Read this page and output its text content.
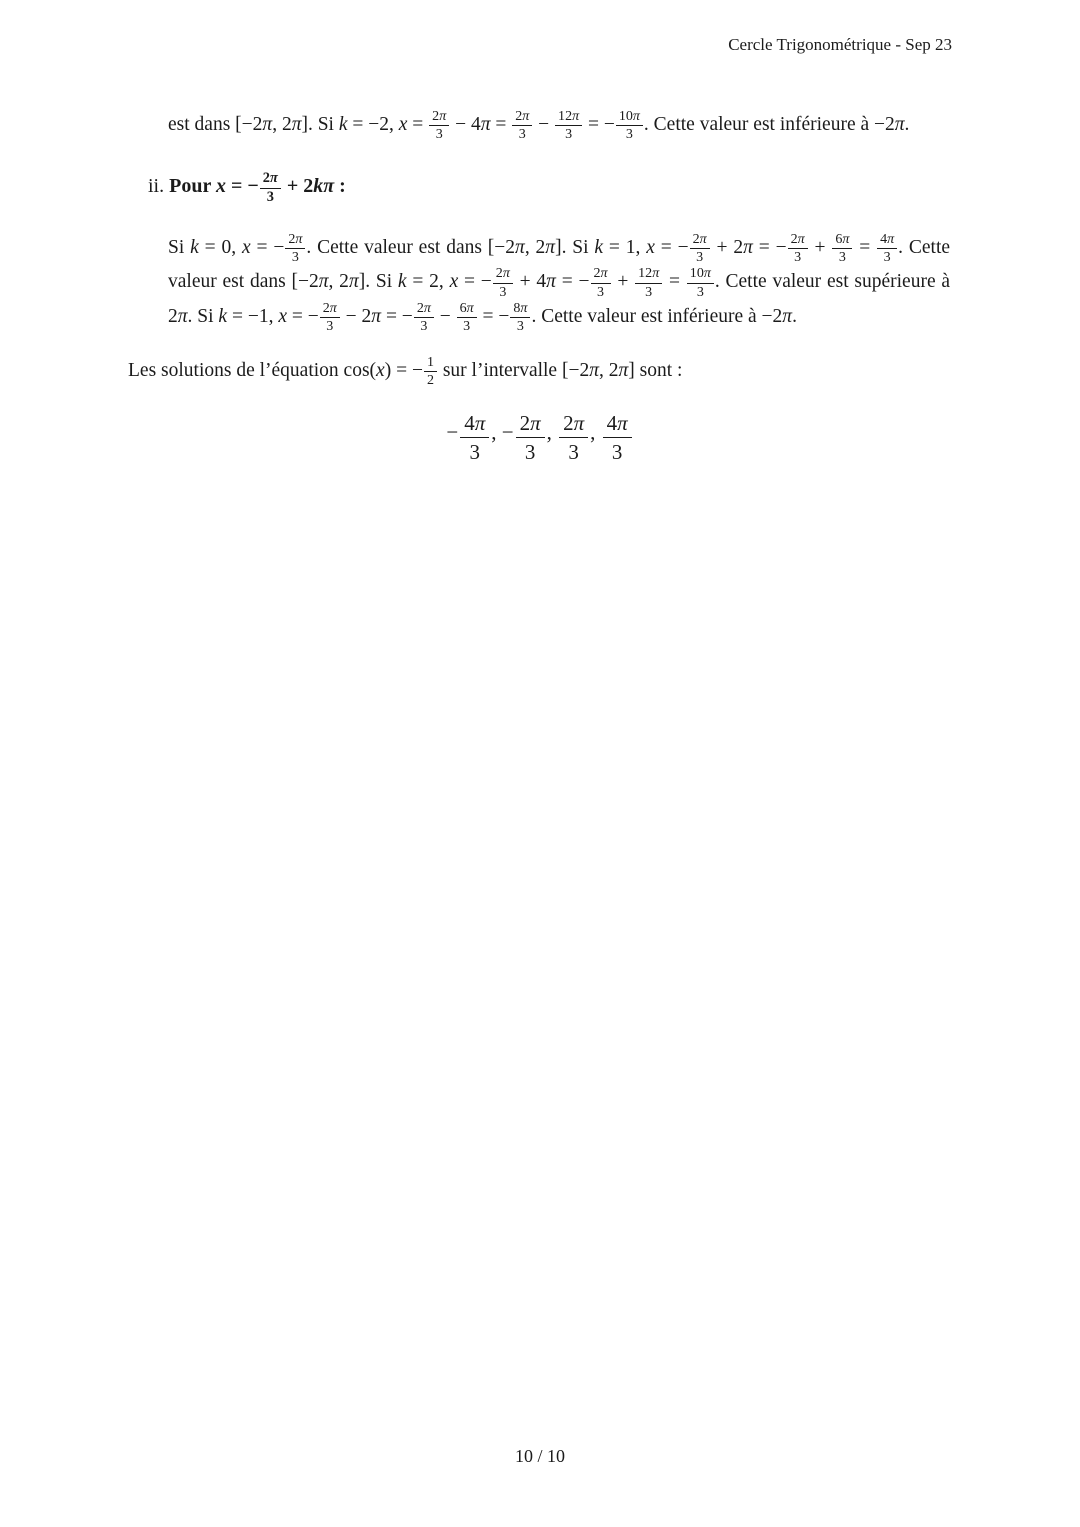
Cercle Trigonométrique - Sep 23
est dans [−2π, 2π]. Si k = −2, $x = \frac{2\pi}{3} - 4\pi = \frac{2\pi}{3} - \frac{12\pi}{3}$ = − $\frac{10\pi}{3}$ . Cette valeur est inférieure à −2π.
ii. Pour x = − $\frac{2\pi}{3} + 2k\pi$ :
Si k = 0, x = − $\frac{2\pi}{3}$ . Cette valeur est dans [−2π, 2π]. Si k = 1, x = − $\frac{2\pi}{3} + 2\pi$ = − $\frac{2\pi}{3} + \frac{6\pi}{3} = \frac{4\pi}{3}$ . Cette valeur est dans [−2π, 2π]. Si k = 2, x = − $\frac{2\pi}{3} + 4\pi$ = − $\frac{2\pi}{3} + \frac{12\pi}{3} = \frac{10\pi}{3}$ . Cette valeur est supérieure à 2π. Si k = −1, x = − $\frac{2\pi}{3} - 2\pi$ = − $\frac{2\pi}{3} - \frac{6\pi}{3}$ = − $\frac{8\pi}{3}$ . Cette valeur est inférieure à −2π.
Les solutions de l’équation cos(x) = − $\frac{1}{2}$ sur l’intervalle [−2π, 2π] sont :
− $\frac{4\pi}{3}$ , − $\frac{2\pi}{3}$ , $\frac{2\pi}{3}$ , $\frac{4\pi}{3}$
10 / 10
